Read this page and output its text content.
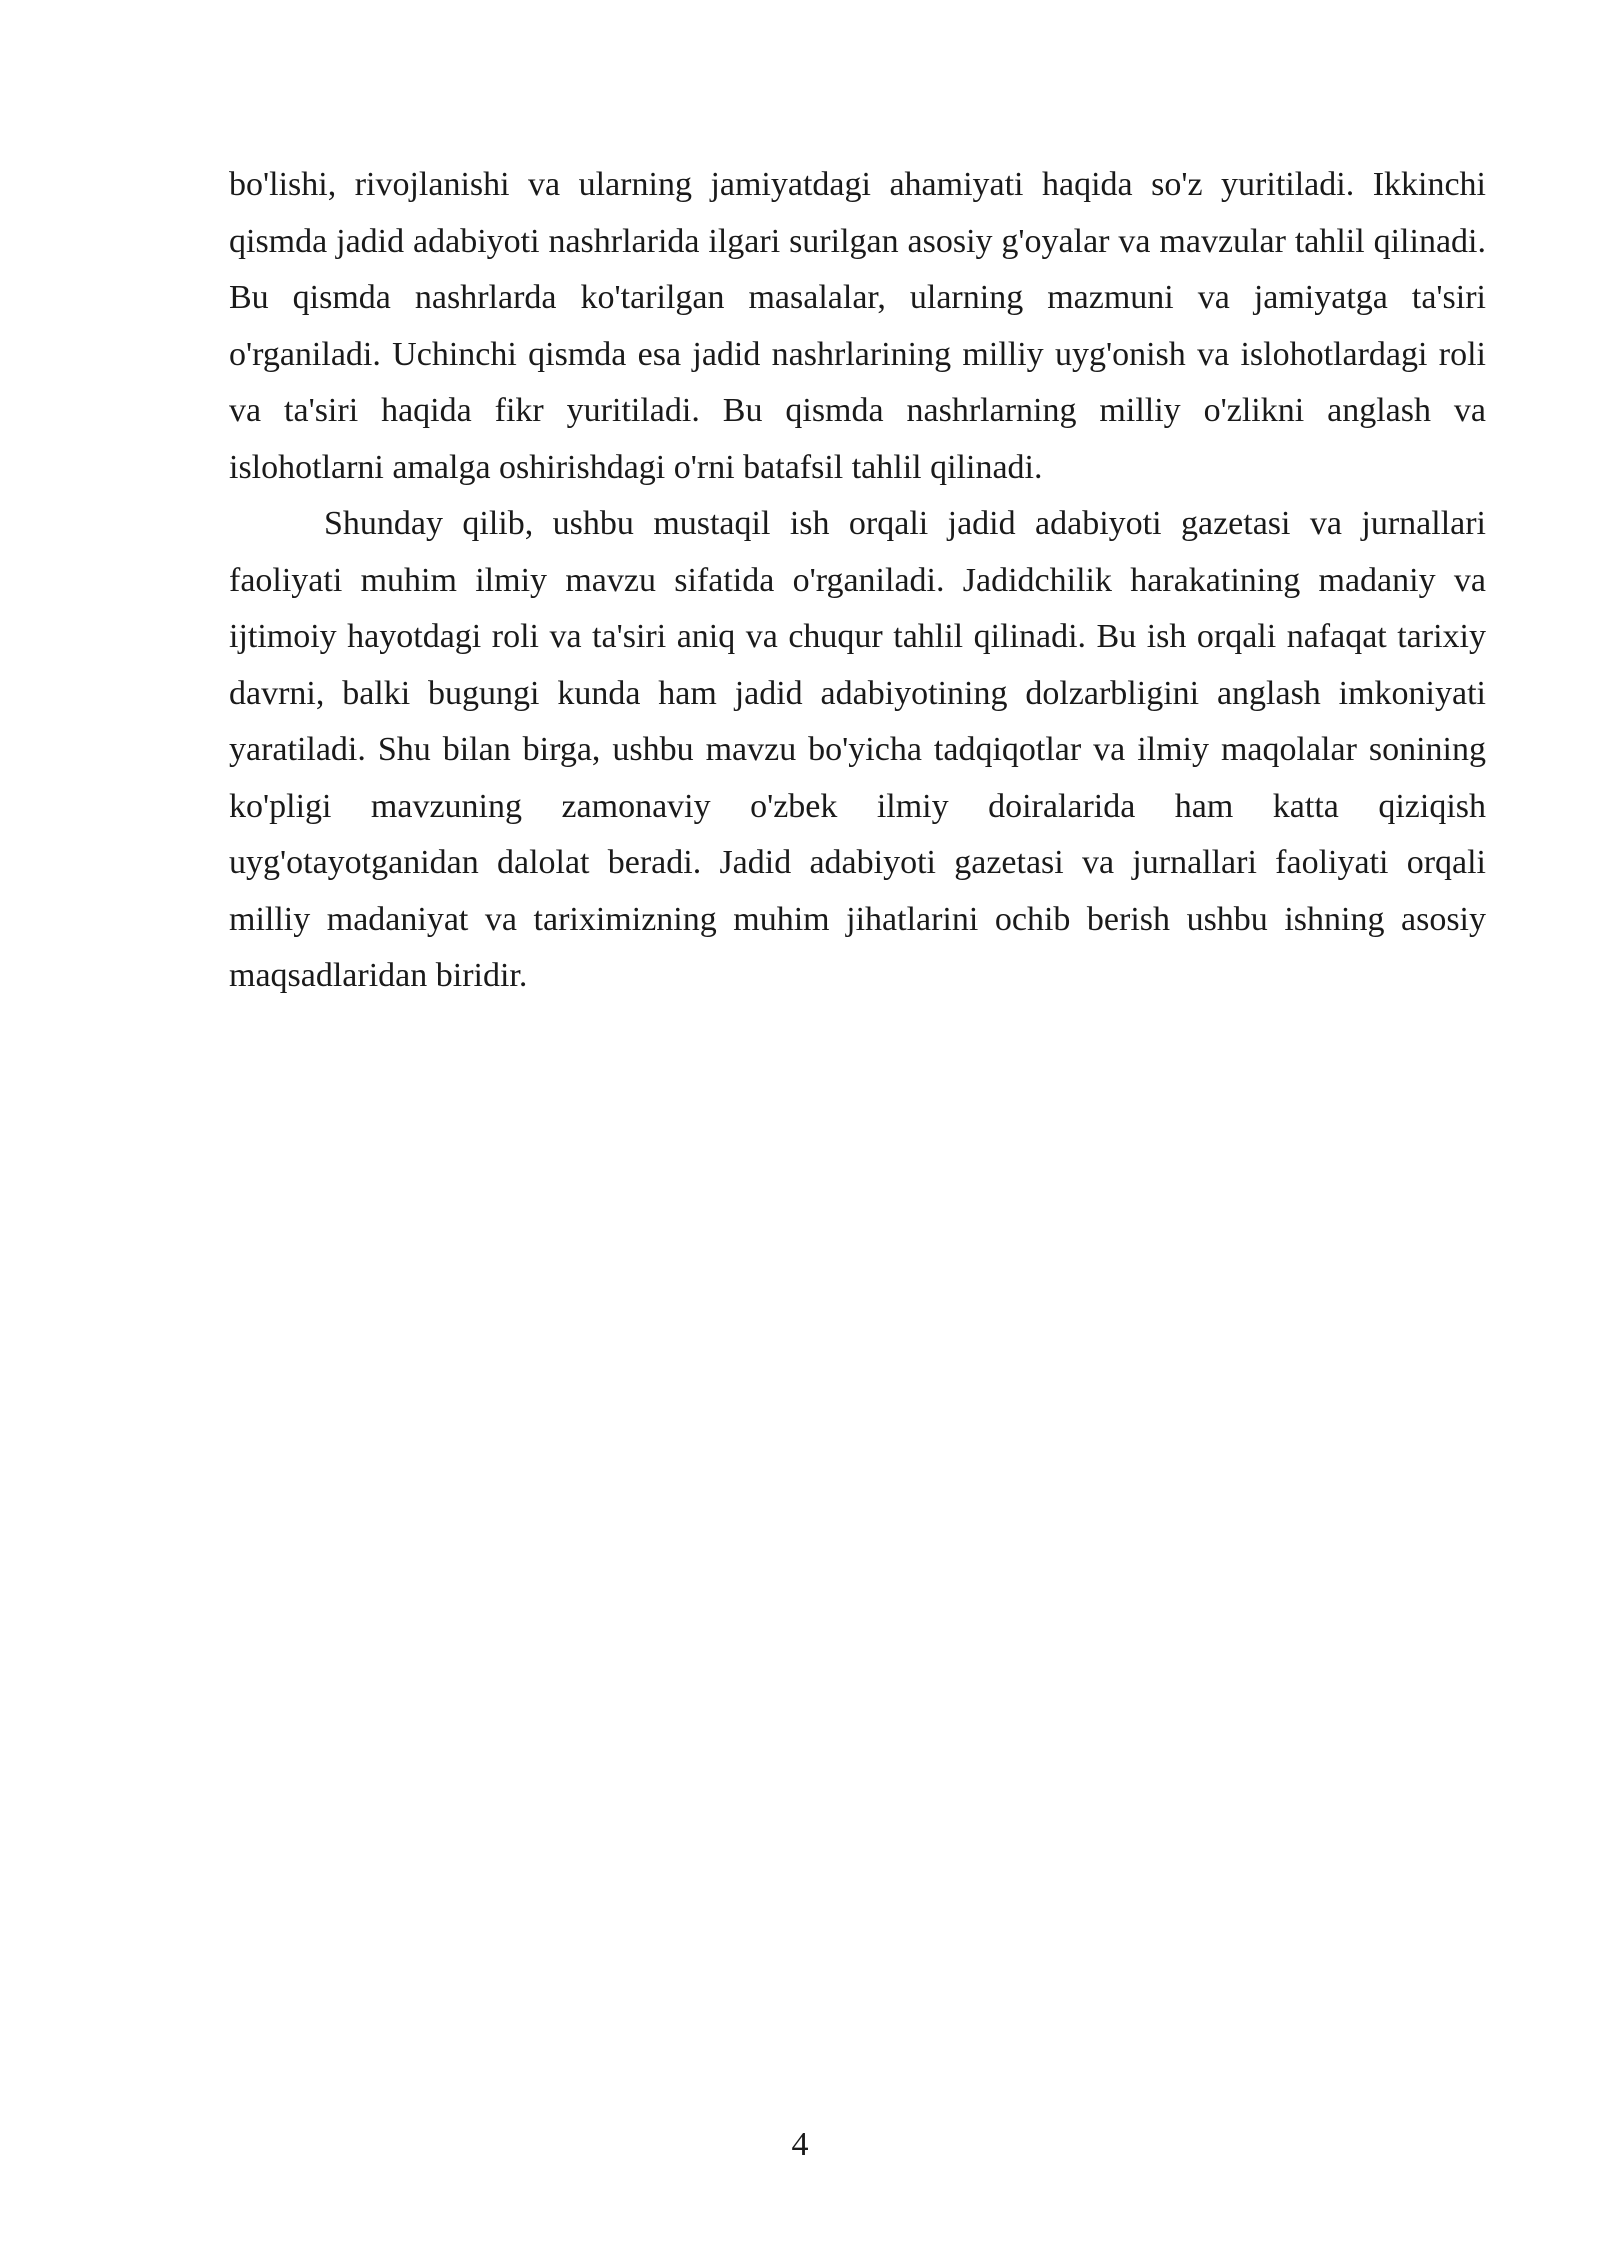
bo'lishi, rivojlanishi va ularning jamiyatdagi ahamiyati haqida so'z yuritiladi. Ikkinchi qismda jadid adabiyoti nashrlarida ilgari surilgan asosiy g'oyalar va mavzular tahlil qilinadi. Bu qismda nashrlarda ko'tarilgan masalalar, ularning mazmuni va jamiyatga ta'siri o'rganiladi. Uchinchi qismda esa jadid nashrlarining milliy uyg'onish va islohotlardagi roli va ta'siri haqida fikr yuritiladi. Bu qismda nashrlarning milliy o'zlikni anglash va islohotlarni amalga oshirishdagi o'rni batafsil tahlil qilinadi.

Shunday qilib, ushbu mustaqil ish orqali jadid adabiyoti gazetasi va jurnallari faoliyati muhim ilmiy mavzu sifatida o'rganiladi. Jadidchilik harakatining madaniy va ijtimoiy hayotdagi roli va ta'siri aniq va chuqur tahlil qilinadi. Bu ish orqali nafaqat tarixiy davrni, balki bugungi kunda ham jadid adabiyotining dolzarbligini anglash imkoniyati yaratiladi. Shu bilan birga, ushbu mavzu bo'yicha tadqiqotlar va ilmiy maqolalar sonining ko'pligi mavzuning zamonaviy o'zbek ilmiy doiralarida ham katta qiziqish uyg'otayotganidan dalolat beradi. Jadid adabiyoti gazetasi va jurnallari faoliyati orqali milliy madaniyat va tariximizning muhim jihatlarini ochib berish ushbu ishning asosiy maqsadlaridan biridir.

4
